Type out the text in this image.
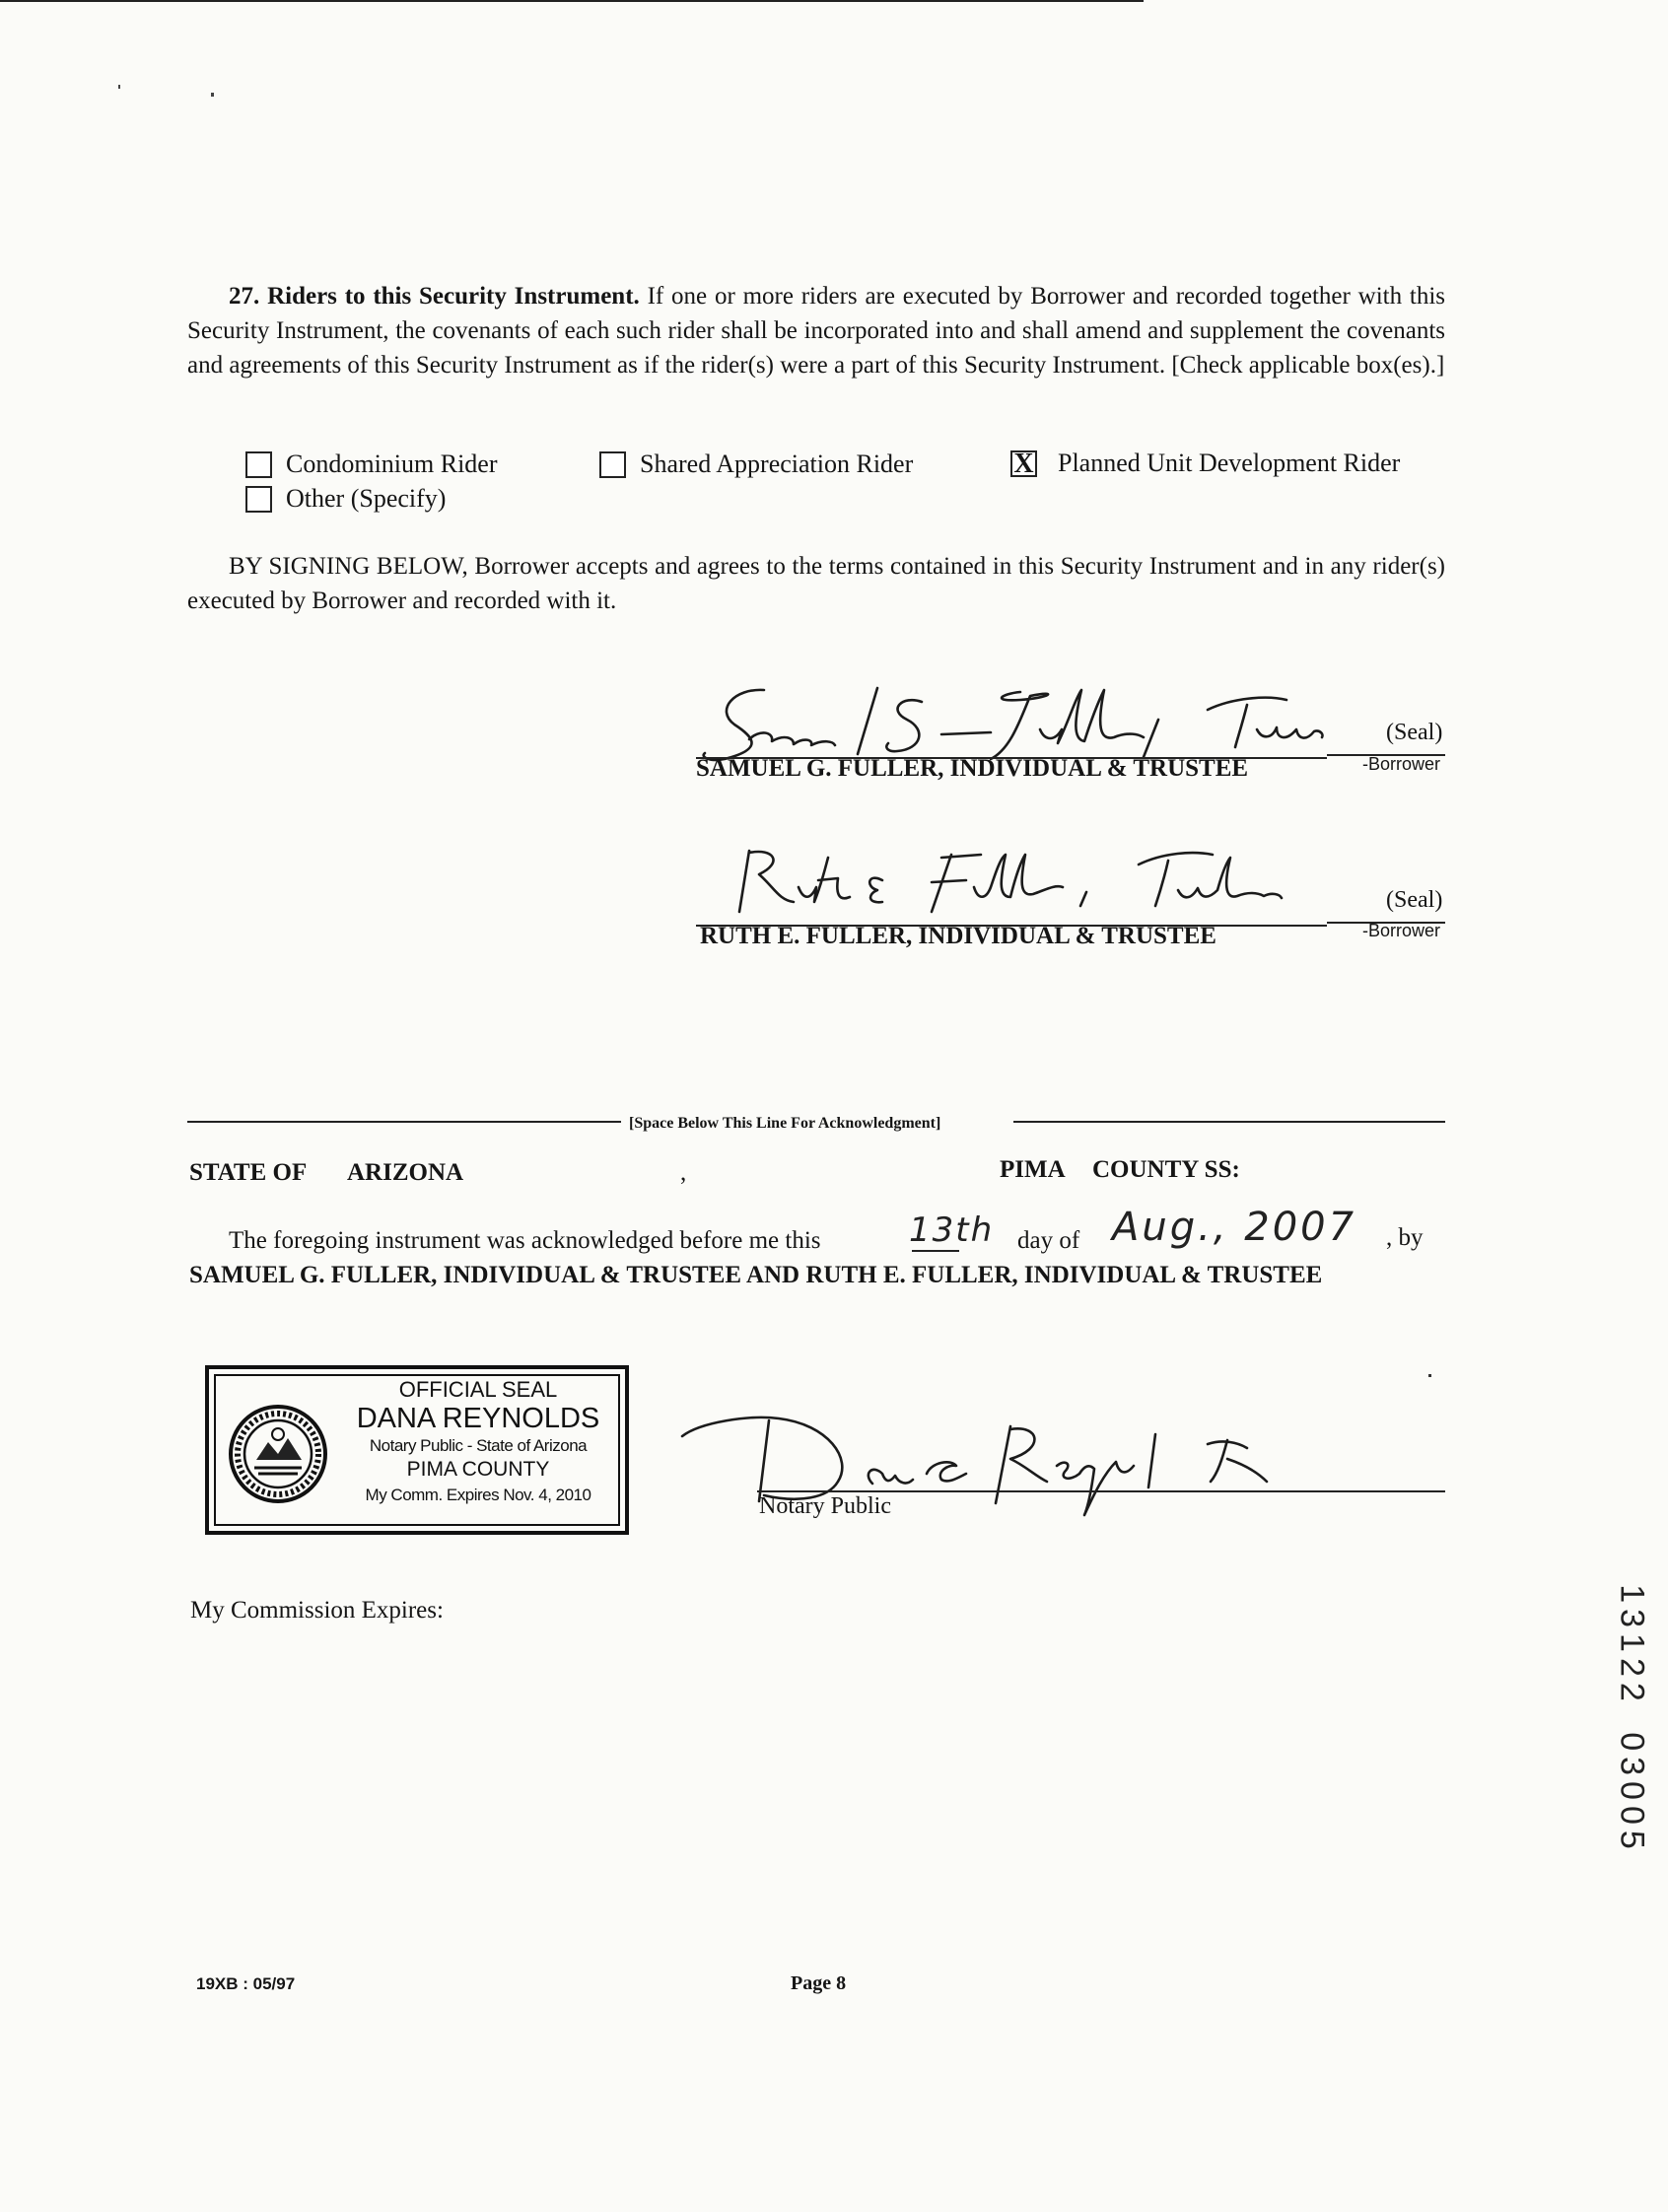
27. Riders to this Security Instrument. If one or more riders are executed by Borrower and recorded together with this Security Instrument, the covenants of each such rider shall be incorporated into and shall amend and supplement the covenants and agreements of this Security Instrument as if the rider(s) were a part of this Security Instrument. [Check applicable box(es).]
Condominium Rider	Shared Appreciation Rider	X Planned Unit Development Rider
Other (Specify)
BY SIGNING BELOW, Borrower accepts and agrees to the terms contained in this Security Instrument and in any rider(s) executed by Borrower and recorded with it.
(Seal)
SAMUEL G. FULLER, INDIVIDUAL & TRUSTEE	-Borrower
(Seal)
RUTH E. FULLER, INDIVIDUAL & TRUSTEE	-Borrower
[Space Below This Line For Acknowledgment]
STATE OF ARIZONA	,	PIMA COUNTY SS:
The foregoing instrument was acknowledged before me this	13th day of Aug., 2007 , by
SAMUEL G. FULLER, INDIVIDUAL & TRUSTEE AND RUTH E. FULLER, INDIVIDUAL & TRUSTEE
OFFICIAL SEAL
DANA REYNOLDS
Notary Public - State of Arizona
PIMA COUNTY
My Comm. Expires Nov. 4, 2010	Notary Public
My Commission Expires:	13122
03005
19XB : 05/97	Page 8
